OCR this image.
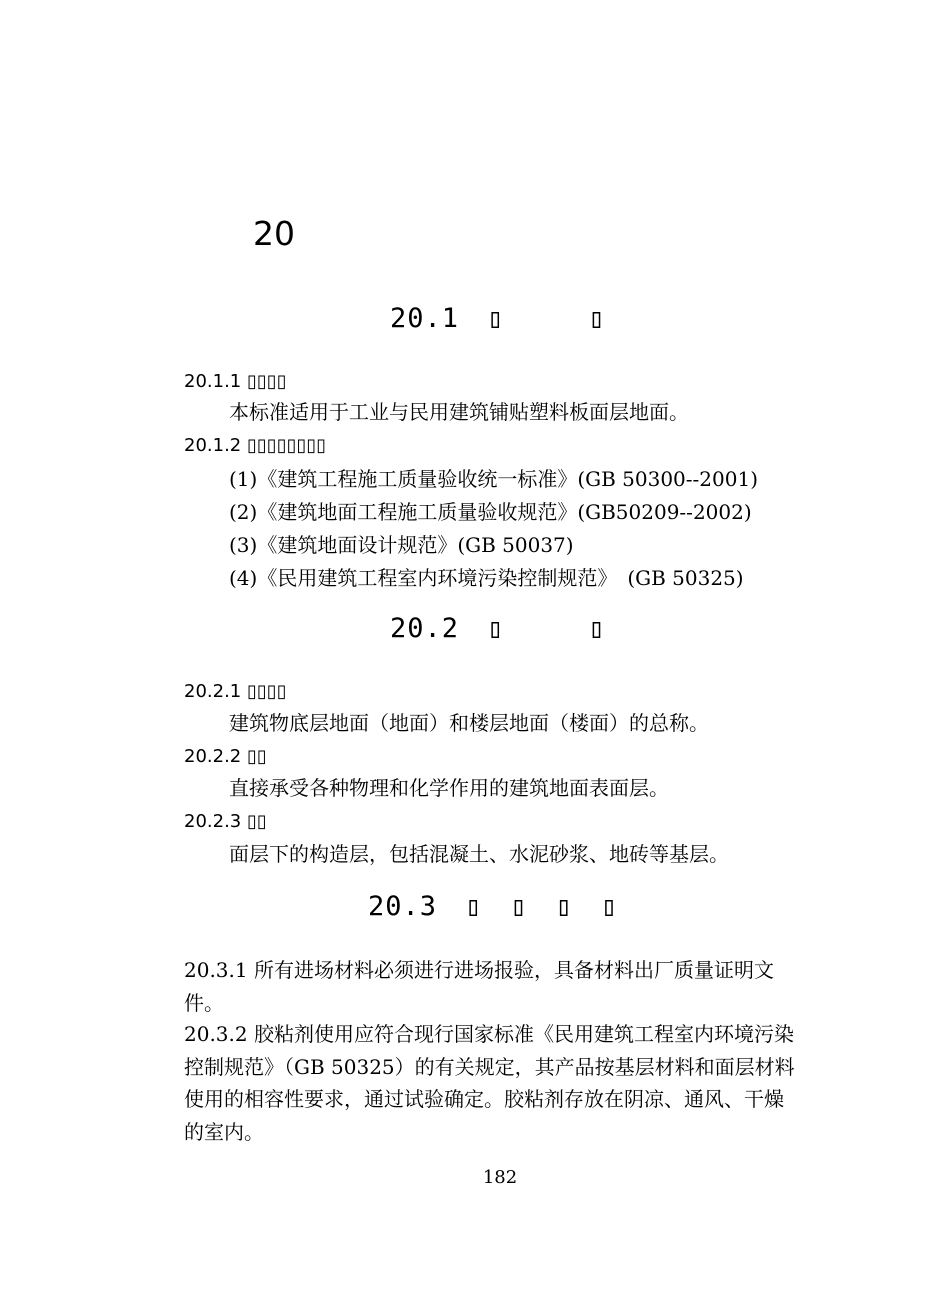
20
20.1　▯　　　▯
20.1.1 ▯▯▯▯
本标准适用于工业与民用建筑铺贴塑料板面层地面。
20.1.2 ▯▯▯▯▯▯▯▯
(1)《建筑工程施工质量验收统一标准》(GB 50300--2001)
(2)《建筑地面工程施工质量验收规范》(GB50209--2002)
(3)《建筑地面设计规范》(GB 50037)
(4)《民用建筑工程室内环境污染控制规范》　(GB 50325)
20.2　▯　　　▯
20.2.1 ▯▯▯▯
建筑物底层地面（地面）和楼层地面（楼面）的总称。
20.2.2 ▯▯
直接承受各种物理和化学作用的建筑地面表面层。
20.2.3 ▯▯
面层下的构造层，包括混凝土、水泥砂浆、地砖等基层。
20.3　▯　▯　▯　▯
20.3.1 所有进场材料必须进行进场报验，具备材料出厂质量证明文件。
20.3.2 胶粘剂使用应符合现行国家标准《民用建筑工程室内环境污染控制规范》（GB 50325）的有关规定，其产品按基层材料和面层材料使用的相容性要求，通过试验确定。胶粘剂存放在阴凉、通风、干燥的室内。
182
